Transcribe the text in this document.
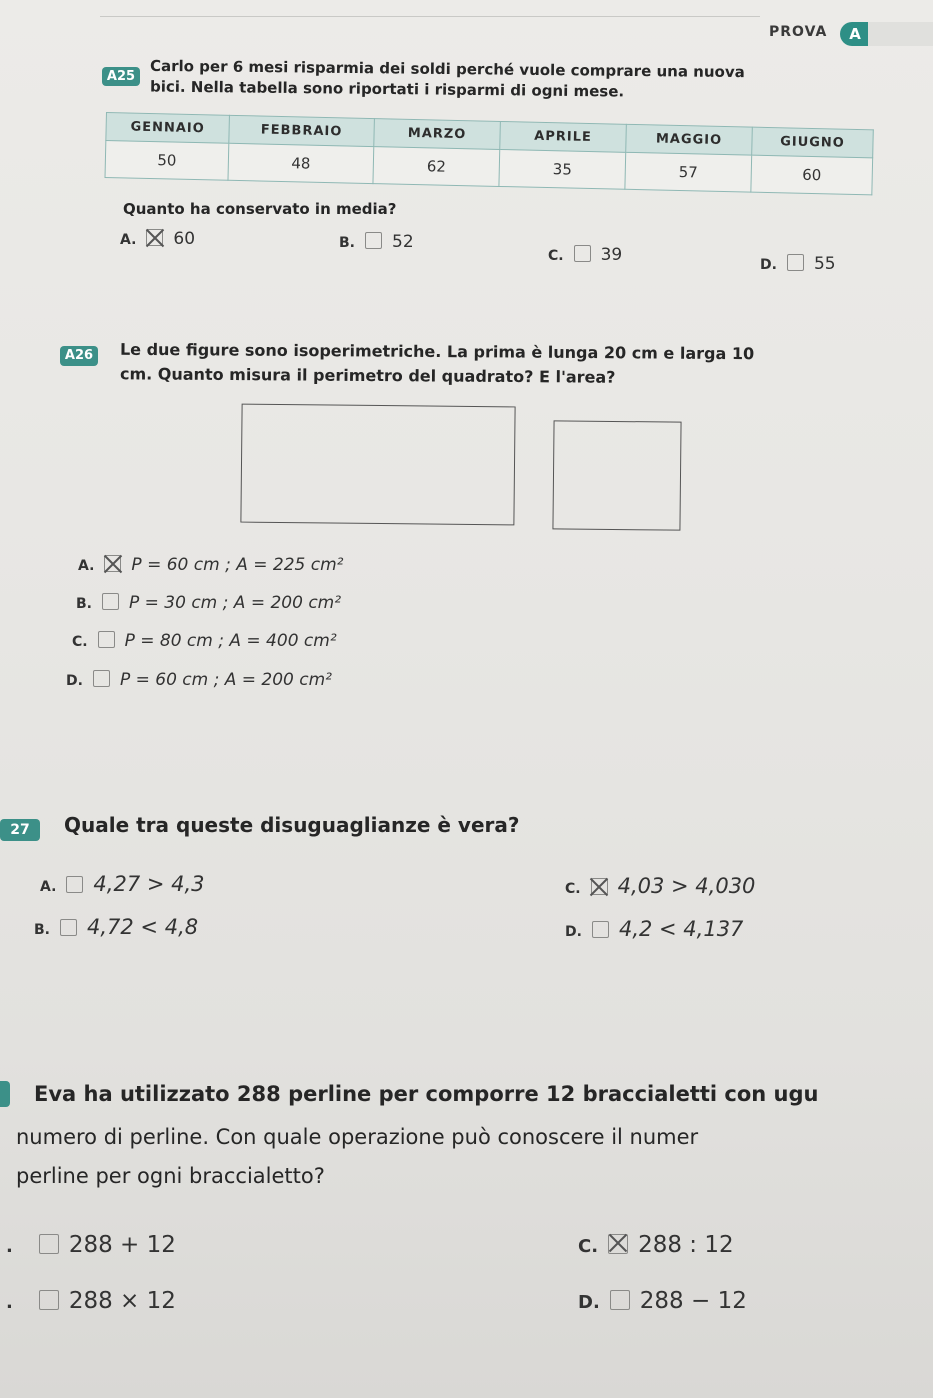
PROVA	A
A25 Carlo per 6 mesi risparmia dei soldi perché vuole comprare una nuova
bici. Nella tabella sono riportati i risparmi di ogni mese.
GENNAIO	FEBBRAIO	MARZO	APRILE	MAGGIO	GIUGNO
50	48	62	35	57	60
Quanto ha conservato in media?
A. 60	B. 52
C. 39	D. 55
A26	Le due figure sono isoperimetriche. La prima è lunga 20 cm e larga 10
cm. Quanto misura il perimetro del quadrato? E l'area?
A. P = 60 cm ; A = 225 cm²
B. P = 30 cm ; A = 200 cm²
C. P = 80 cm ; A = 400 cm²
D. P = 60 cm ; A = 200 cm²
27	Quale tra queste disuguaglianze è vera?
A. 4,27 > 4,3
B. 4,72 < 4,8
C. 4,03 > 4,030
D. 4,2 < 4,137
Eva ha utilizzato 288 perline per comporre 12 braccialetti con ugu
numero di perline. Con quale operazione può conoscere il numer
perline per ogni braccialetto?
. 288 + 12
. 288 × 12
C. 288 : 12
D. 288 − 12
